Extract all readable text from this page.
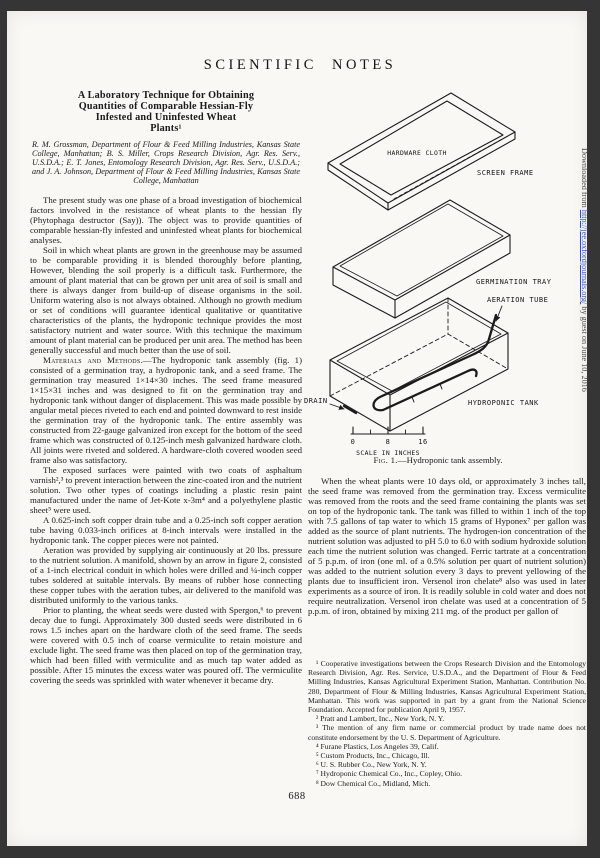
SCIENTIFIC NOTES
A Laboratory Technique for Obtaining
Quantities of Comparable Hessian-Fly
Infested and Uninfested Wheat
Plants¹
R. M. Grossman, Department of Flour & Feed Milling Industries, Kansas State College, Manhattan; B. S. Miller, Crops Research Division, Agr. Res. Serv., U.S.D.A.; E. T. Jones, Entomology Research Division, Agr. Res. Serv., U.S.D.A.; and J. A. Johnson, Department of Flour & Feed Milling Industries, Kansas State College, Manhattan

The present study was one phase of a broad investigation of biochemical factors involved in the resistance of wheat plants to the hessian fly (Phytophaga destructor (Say)). The object was to provide quantities of comparable hessian-fly infested and uninfested wheat plants for biochemical analyses.

Soil in which wheat plants are grown in the greenhouse may be assumed to be comparable providing it is blended thoroughly before planting, However, blending the soil properly is a difficult task. Furthermore, the amount of plant material that can be grown per unit area of soil is small and there is always danger from build-up of disease organisms in the soil. Uniform watering also is not always obtained. Although no growth medium or set of conditions will guarantee identical qualitative or quantitative characteristics of the plants, the hydroponic technique provides the most satisfactory nutrient and water source. With this technique the maximum amount of plant material can be produced per unit area. The method has been generally successful and much better than the use of soil.

Materials and Methods.—The hydroponic tank assembly (fig. 1) consisted of a germination tray, a hydroponic tank, and a seed frame. The germination tray measured 1×14×30 inches. The seed frame measured 1×15×31 inches and was designed to fit on the germination tray and hydroponic tank without danger of displacement. This was made possible by angular metal pieces riveted to each end and pointed downward to rest inside the germination tray of the hydroponic tank. The entire assembly was constructed from 22-gauge galvanized iron except for the bottom of the seed frame which was constructed of 0.125-inch mesh galvanized hardware cloth. All joints were riveted and soldered. A hardware-cloth covered wooden seed frame also was satisfactory.

The exposed surfaces were painted with two coats of asphaltum varnish²,³ to prevent interaction between the zinc-coated iron and the nutrient solution. Two other types of coatings including a plastic resin paint manufactured under the name of Jet-Kote x-3m⁴ and a polyethylene plastic sheet⁵ were used.

A 0.625-inch soft copper drain tube and a 0.25-inch soft copper aeration tube having 0.033-inch orifices at 8-inch intervals were installed in the hydroponic tank. The copper pieces were not painted.

Aeration was provided by supplying air continuously at 20 lbs. pressure to the nutrient solution. A manifold, shown by an arrow in figure 2, consisted of a 1-inch electrical conduit in which holes were drilled and ¼-inch copper tubes soldered at suitable intervals. By means of rubber hose connecting these copper tubes with the aeration tubes, air delivered to the manifold was distributed uniformly to the various tanks.

Prior to planting, the wheat seeds were dusted with Spergon,⁶ to prevent decay due to fungi. Approximately 300 dusted seeds were distributed in 6 rows 1.5 inches apart on the hardware cloth of the seed frame. The seeds were covered with 0.5 inch of coarse vermiculite to retain moisture and exclude light. The seed frame was then placed on top of the germination tray, which had been filled with vermiculite and as much tap water added as possible. After 15 minutes the excess water was poured off. The vermiculite covering the seeds was sprinkled with water whenever it became dry.

HARDWARE CLOTH
SCREEN FRAME
GERMINATION TRAY
AERATION TUBE
DRAIN	HYDROPONIC TANK
0	8	16
SCALE IN INCHES
Fig. 1.—Hydroponic tank assembly.

When the wheat plants were 10 days old, or approximately 3 inches tall, the seed frame was removed from the germination tray. Excess vermiculite was removed from the roots and the seed frame containing the plants was set on top of the hydroponic tank. The tank was filled to within 1 inch of the top with 7.5 gallons of tap water to which 15 grams of Hyponex⁷ per gallon was added as the source of plant nutrients. The hydrogen-ion concentration of the nutrient solution was adjusted to pH 5.0 to 6.0 with sodium hydroxide solution each time the nutrient solution was changed. Ferric tartrate at a concentration of 5 p.p.m. of iron (one ml. of a 0.5% solution per quart of nutrient solution) was added to the nutrient solution every 3 days to prevent yellowing of the plants due to insufficient iron. Versenol iron chelate⁸ also was used in later experiments as a source of iron. It is readily soluble in cold water and does not require neutralization. Versenol iron chelate was used at a concentration of 5 p.p.m. of iron, obtained by mixing 211 mg. of the product per gallon of

¹ Cooperative investigations between the Crops Research Division and the Entomology Research Division, Agr. Res. Service, U.S.D.A., and the Department of Flour & Feed Milling Industries, Kansas Agricultural Experiment Station, Manhattan. Contribution No. 280, Department of Flour & Milling Industries, Kansas Agricultural Experiment Station, Manhattan. This work was supported in part by a grant from the National Science Foundation. Accepted for publication April 9, 1957.

² Pratt and Lambert, Inc., New York, N. Y.

³ The mention of any firm name or commercial product by trade name does not constitute endorsement by the U. S. Department of Agriculture.

⁴ Furane Plastics, Los Angeles 39, Calif.

⁵ Custom Products, Inc., Chicago, Ill.

⁶ U. S. Rubber Co., New York, N. Y.

⁷ Hydroponic Chemical Co., Inc., Copley, Ohio.

⁸ Dow Chemical Co., Midland, Mich.

688
Downloaded from http://jee.oxfordjournals.org/ by guest on June 10, 2016
